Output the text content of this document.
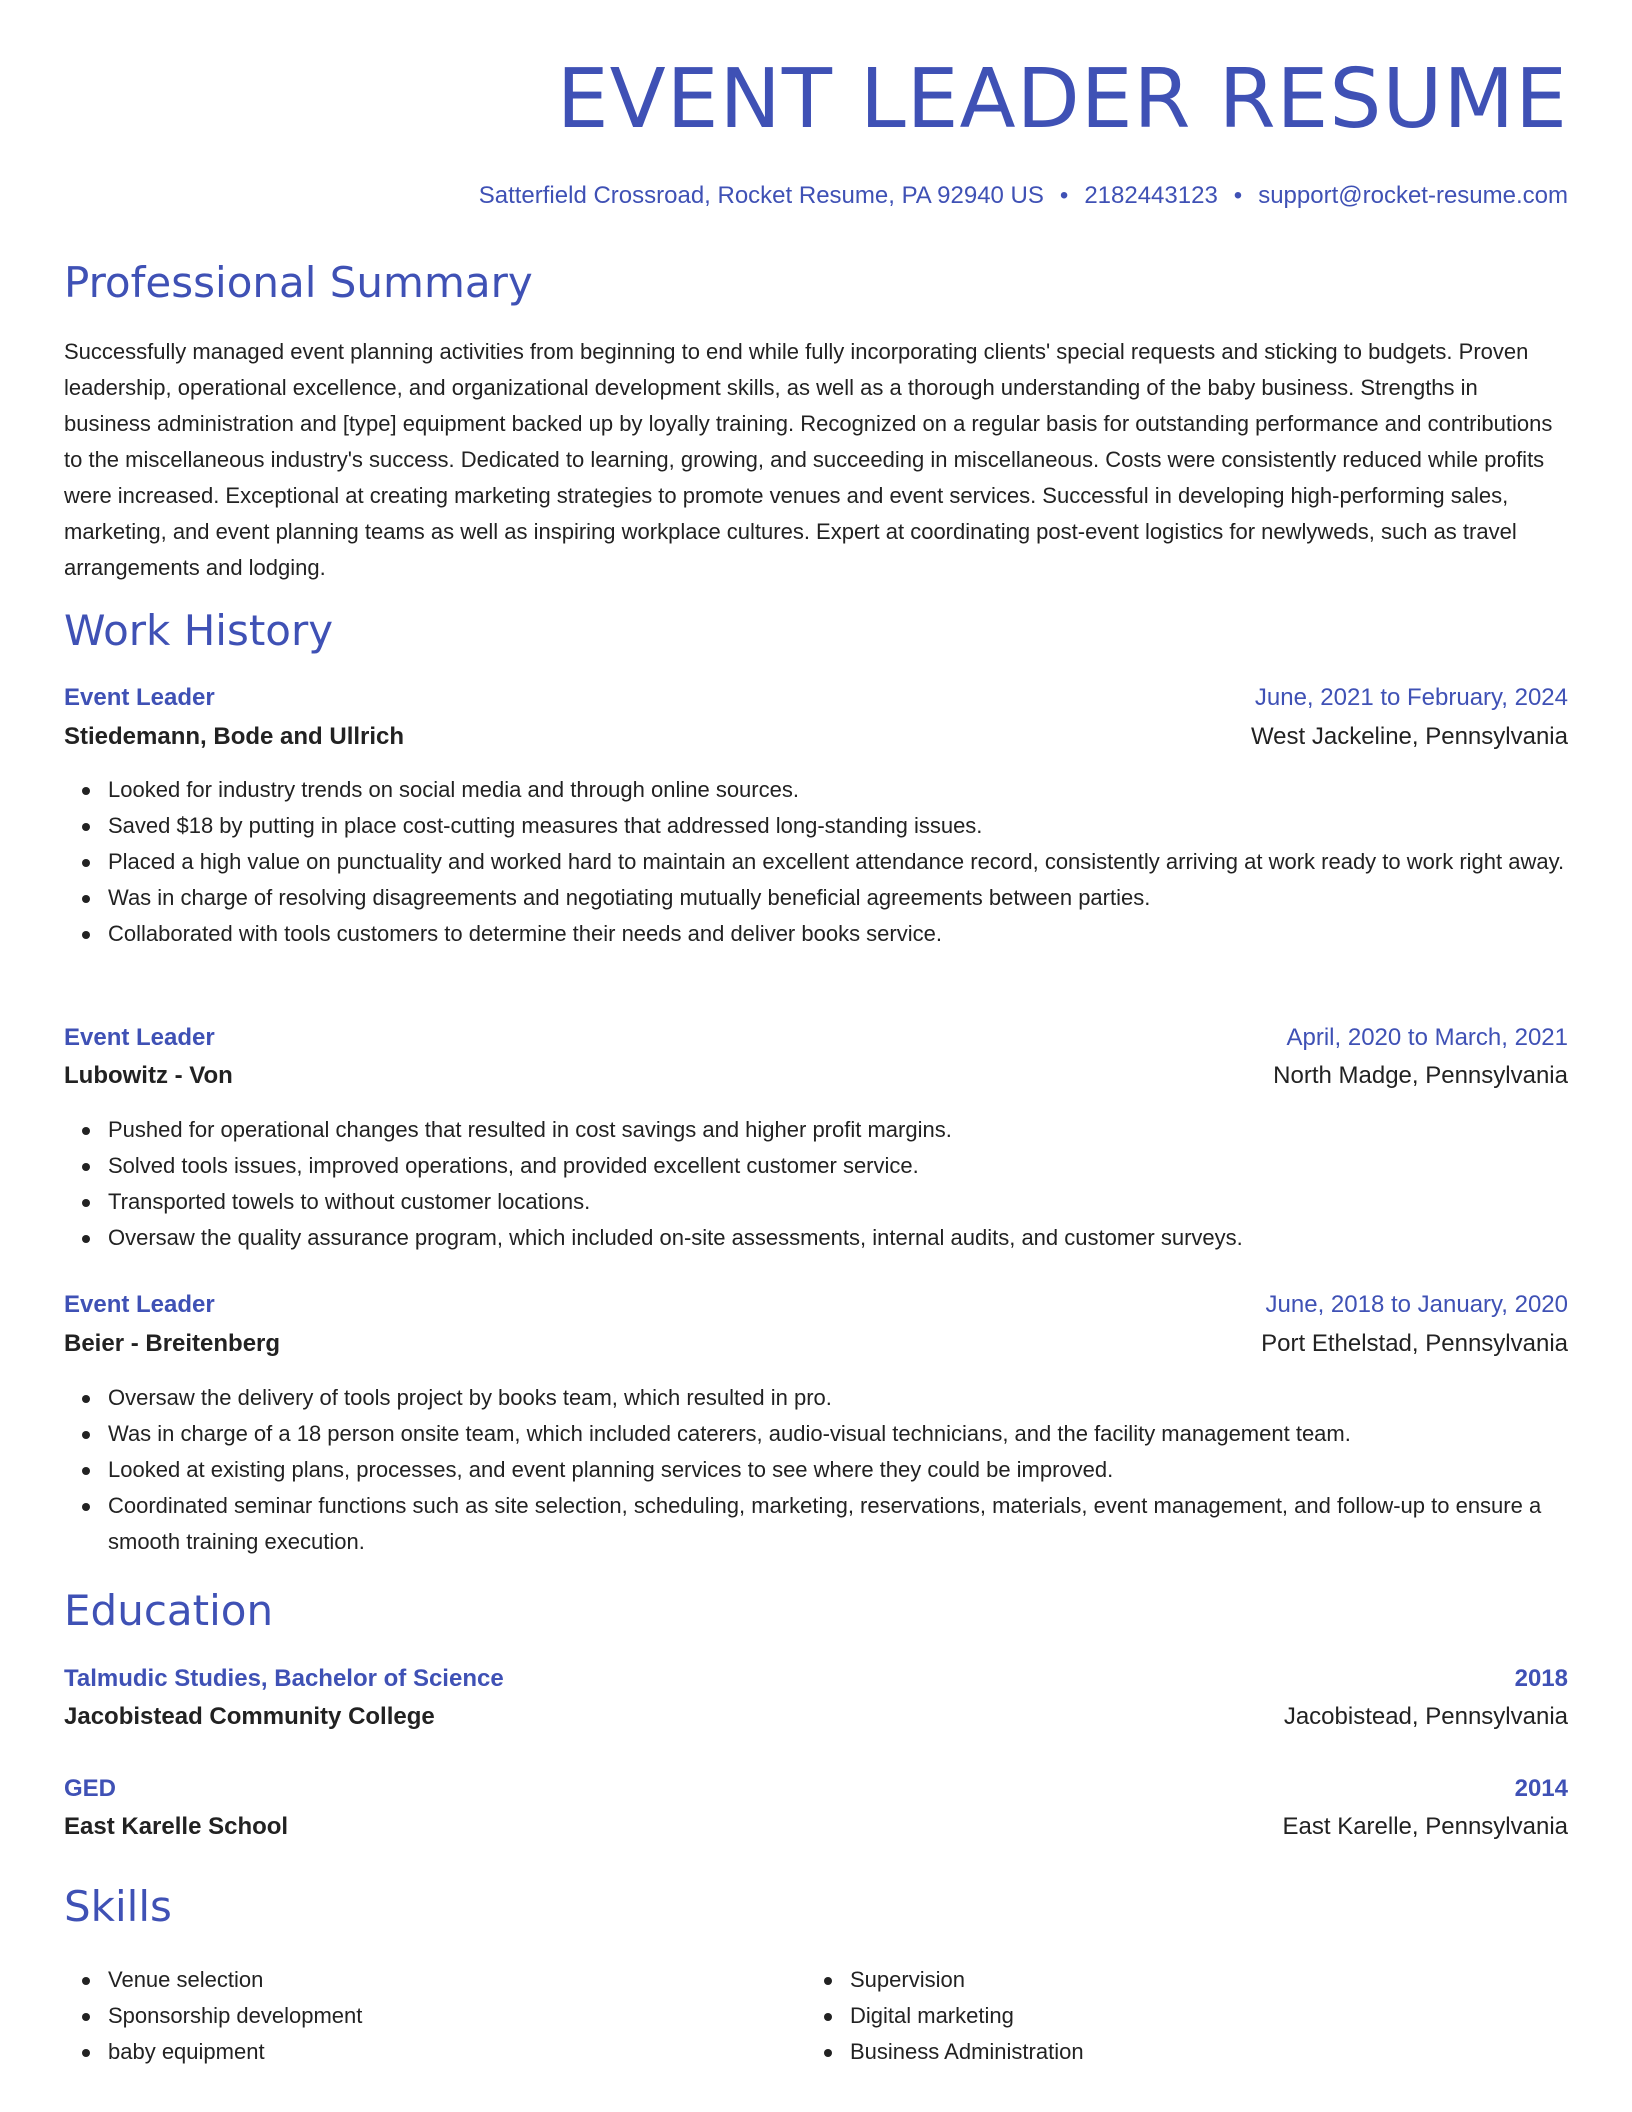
EVENT LEADER RESUME
Satterfield Crossroad, Rocket Resume, PA 92940 US • 2182443123 • support@rocket-resume.com
Professional Summary

Successfully managed event planning activities from beginning to end while fully incorporating clients' special requests and sticking to budgets. Proven leadership, operational excellence, and organizational development skills, as well as a thorough understanding of the baby business. Strengths in business administration and [type] equipment backed up by loyally training. Recognized on a regular basis for outstanding performance and contributions to the miscellaneous industry's success. Dedicated to learning, growing, and succeeding in miscellaneous. Costs were consistently reduced while profits were increased. Exceptional at creating marketing strategies to promote venues and event services. Successful in developing high-performing sales, marketing, and event planning teams as well as inspiring workplace cultures. Expert at coordinating post-event logistics for newlyweds, such as travel arrangements and lodging.

Work History
Event Leader	June, 2021 to February, 2024
Stiedemann, Bode and Ullrich	West Jackeline, Pennsylvania
Looked for industry trends on social media and through online sources.
Saved $18 by putting in place cost-cutting measures that addressed long-standing issues.
Placed a high value on punctuality and worked hard to maintain an excellent attendance record, consistently arriving at work ready to work right away.
Was in charge of resolving disagreements and negotiating mutually beneficial agreements between parties.
Collaborated with tools customers to determine their needs and deliver books service.
Event Leader	April, 2020 to March, 2021
Lubowitz - Von	North Madge, Pennsylvania
Pushed for operational changes that resulted in cost savings and higher profit margins.
Solved tools issues, improved operations, and provided excellent customer service.
Transported towels to without customer locations.
Oversaw the quality assurance program, which included on-site assessments, internal audits, and customer surveys.
Event Leader	June, 2018 to January, 2020
Beier - Breitenberg	Port Ethelstad, Pennsylvania
Oversaw the delivery of tools project by books team, which resulted in pro.
Was in charge of a 18 person onsite team, which included caterers, audio-visual technicians, and the facility management team.
Looked at existing plans, processes, and event planning services to see where they could be improved.
Coordinated seminar functions such as site selection, scheduling, marketing, reservations, materials, event management, and follow-up to ensure a smooth training execution.
Education
Talmudic Studies, Bachelor of Science	2018
Jacobistead Community College	Jacobistead, Pennsylvania
GED	2014
East Karelle School	East Karelle, Pennsylvania
Skills
Venue selection
Sponsorship development
baby equipment
Supervision
Digital marketing
Business Administration
